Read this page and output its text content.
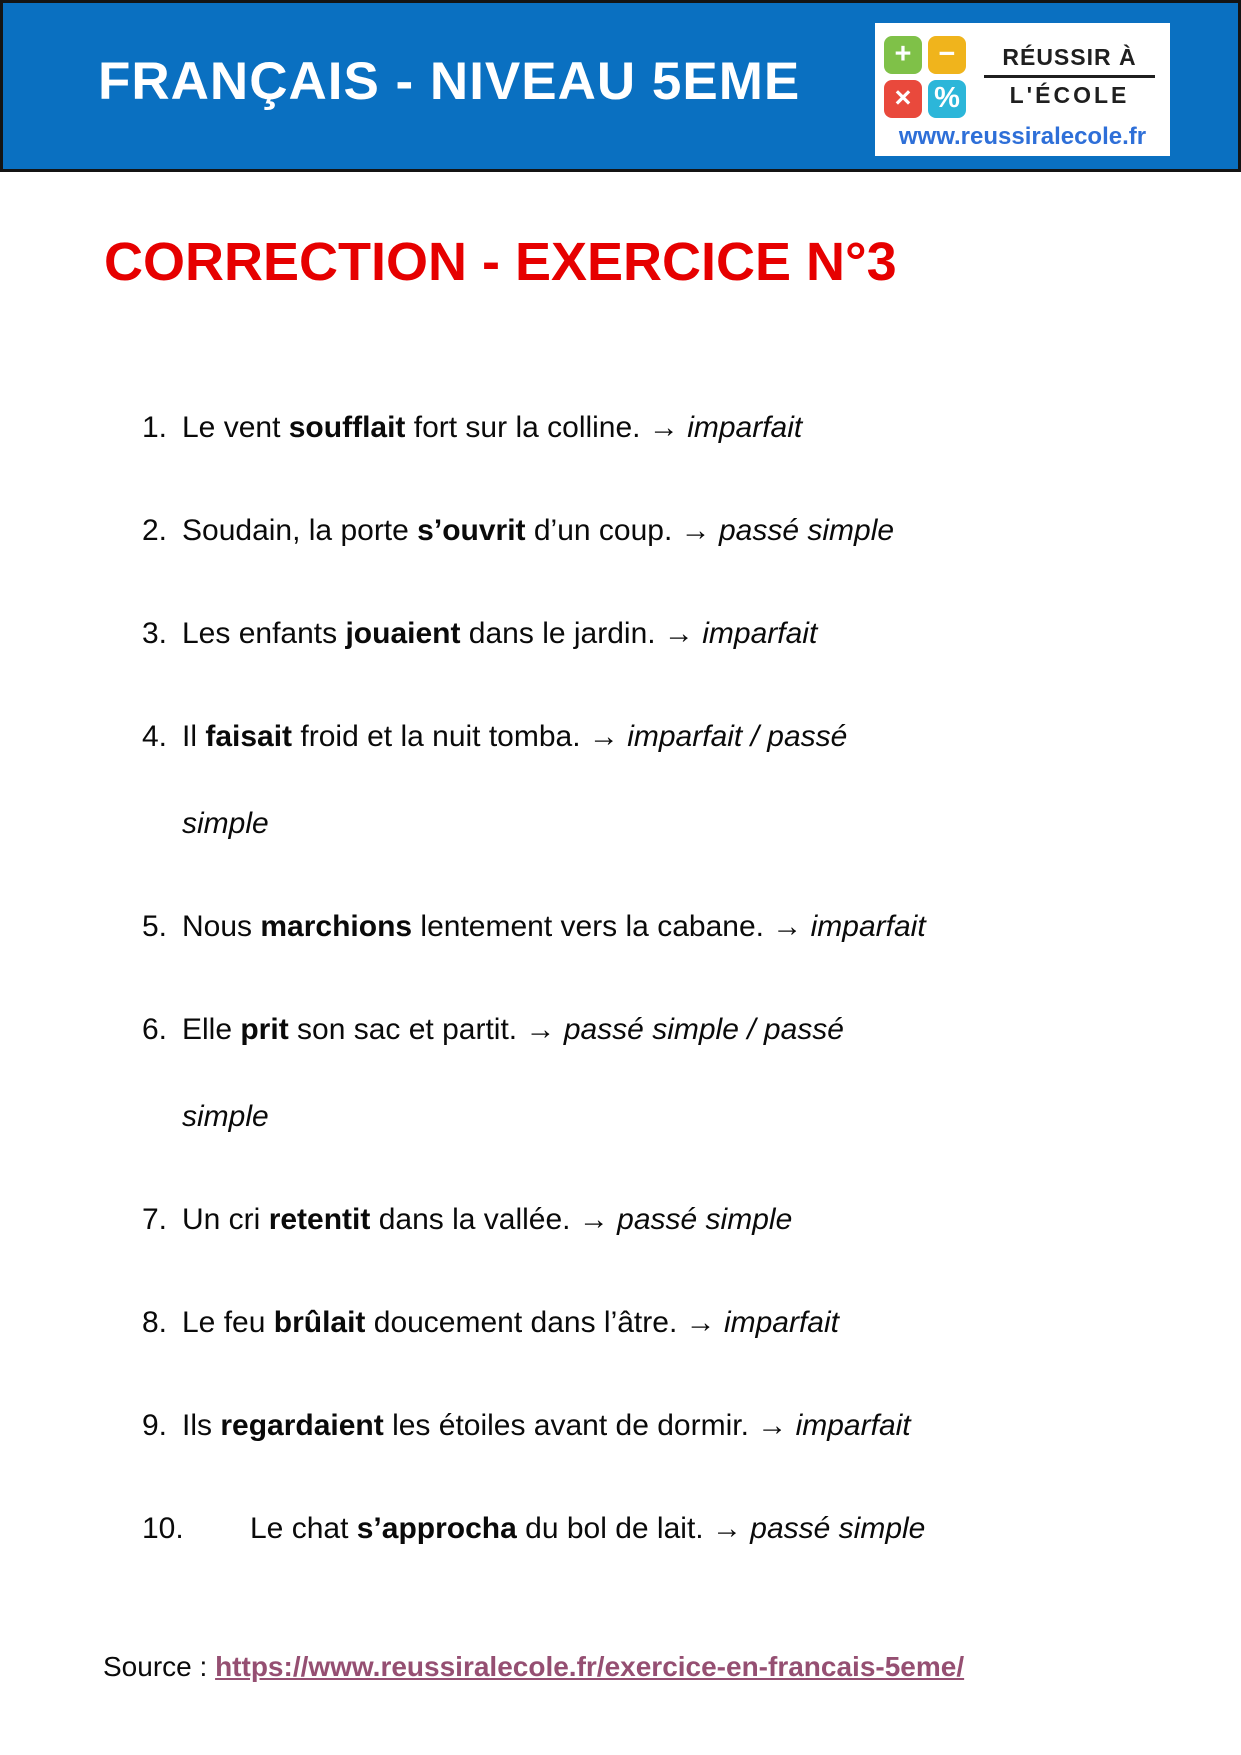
FRANÇAIS - NIVEAU 5EME	+ −
× %
RÉUSSIR À
L'ÉCOLE
www.reussiralecole.fr
CORRECTION - EXERCICE N°3
1. Le vent soufflait fort sur la colline. → imparfait
2. Soudain, la porte s’ouvrit d’un coup. → passé simple
3. Les enfants jouaient dans le jardin. → imparfait
4. Il faisait froid et la nuit tomba. → imparfait / passé
simple
5. Nous marchions lentement vers la cabane. → imparfait
6. Elle prit son sac et partit. → passé simple / passé
simple
7. Un cri retentit dans la vallée. → passé simple
8. Le feu brûlait doucement dans l’âtre. → imparfait
9. Ils regardaient les étoiles avant de dormir. → imparfait
10.	Le chat s’approcha du bol de lait. → passé simple
Source : https://www.reussiralecole.fr/exercice-en-francais-5eme/
